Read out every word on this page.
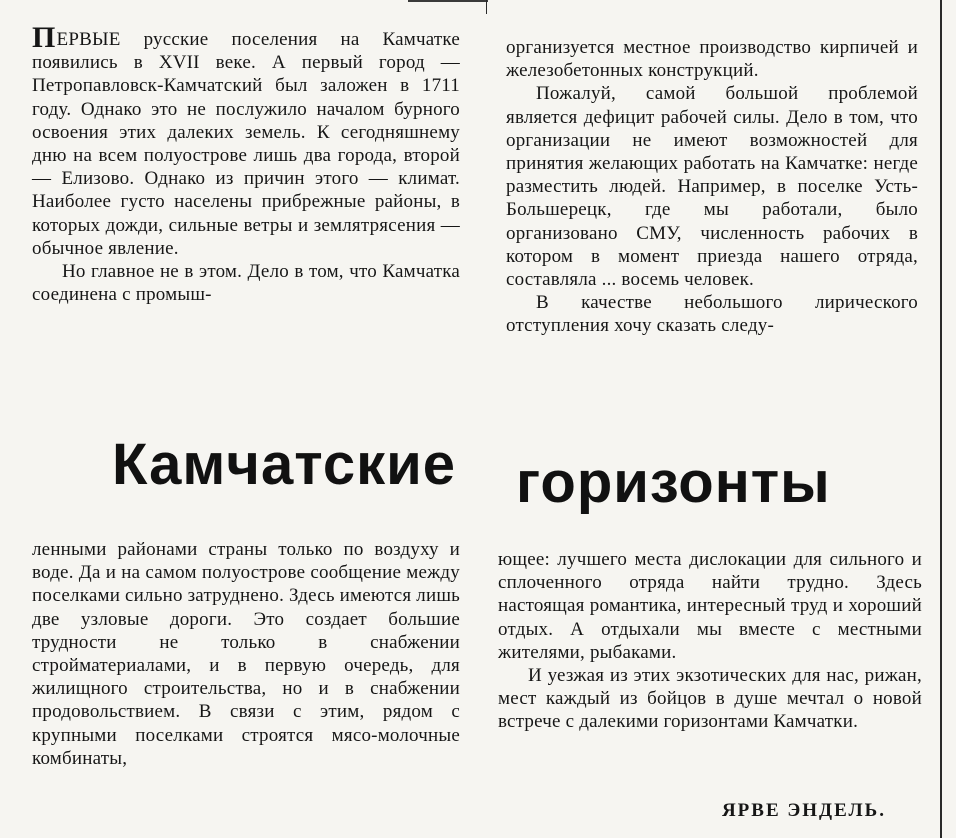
ПЕРВЫЕ русские поселения на Камчатке появились в XVII веке. А первый город — Петропавловск-Камчатский был заложен в 1711 году. Однако это не послужило началом бурного освоения этих далеких земель. К сегодняшнему дню на всем полуострове лишь два города, второй — Елизово. Однако из причин этого — климат. Наиболее густо населены прибрежные районы, в которых дожди, сильные ветры и землятрясения — обычное явление.

Но главное не в этом. Дело в том, что Камчатка соединена с промыш-

организуется местное производство кирпичей и железобетонных конструкций.

Пожалуй, самой большой проблемой является дефицит рабочей силы. Дело в том, что организации не имеют возможностей для принятия желающих работать на Камчатке: негде разместить людей. Например, в поселке Усть-Большерецк, где мы работали, было организовано СМУ, численность рабочих в котором в момент приезда нашего отряда, составляла ... восемь человек.

В качестве небольшого лирического отступления хочу сказать следу-

Камчатские горизонты

ленными районами страны только по воздуху и воде. Да и на самом полуострове сообщение между поселками сильно затруднено. Здесь имеются лишь две узловые дороги. Это создает большие трудности не только в снабжении стройматериалами, и в первую очередь, для жилищного строительства, но и в снабжении продовольствием. В связи с этим, рядом с крупными поселками строятся мясо-молочные комбинаты,

ющее: лучшего места дислокации для сильного и сплоченного отряда найти трудно. Здесь настоящая романтика, интересный труд и хороший отдых. А отдыхали мы вместе с местными жителями, рыбаками.

И уезжая из этих экзотических для нас, рижан, мест каждый из бойцов в душе мечтал о новой встрече с далекими горизонтами Камчатки.

ЯРВЕ ЭНДЕЛЬ.
